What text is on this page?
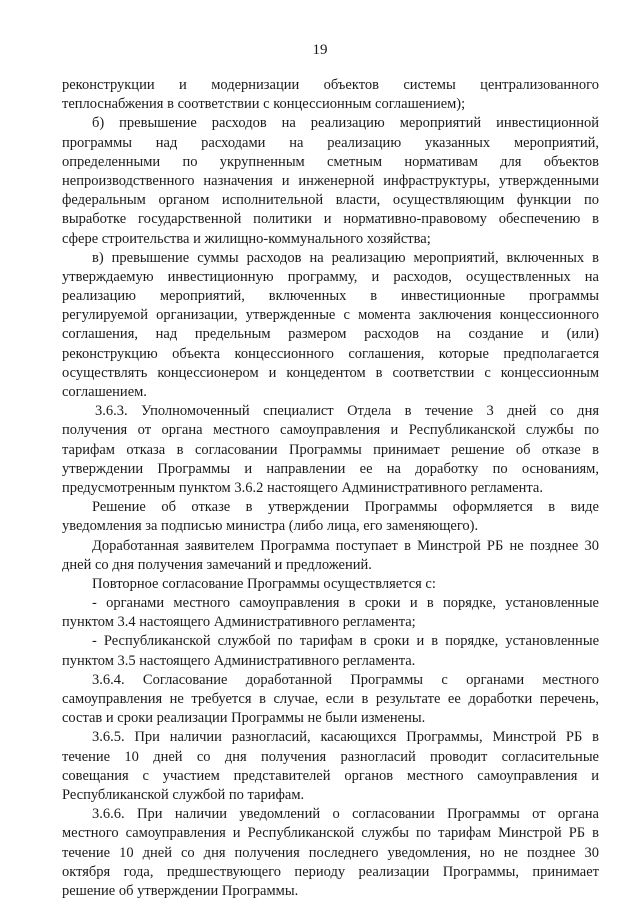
19
реконструкции и модернизации объектов системы централизованного
теплоснабжения в соответствии с концессионным соглашением);
б) превышение расходов на реализацию мероприятий инвестиционной
программы над расходами на реализацию указанных мероприятий,
определенными по укрупненным сметным нормативам для объектов
непроизводственного назначения и инженерной инфраструктуры, утвержденными
федеральным органом исполнительной власти, осуществляющим функции по
выработке государственной политики и нормативно-правовому обеспечению в
сфере строительства и жилищно-коммунального хозяйства;
в) превышение суммы расходов на реализацию мероприятий, включенных в
утверждаемую инвестиционную программу, и расходов, осуществленных на
реализацию мероприятий, включенных в инвестиционные программы
регулируемой организации, утвержденные с момента заключения концессионного
соглашения, над предельным размером расходов на создание и (или)
реконструкцию объекта концессионного соглашения, которые предполагается
осуществлять концессионером и концедентом в соответствии с концессионным
соглашением.
3.6.3. Уполномоченный специалист Отдела в течение 3 дней со дня
получения от органа местного самоуправления и Республиканской службы по
тарифам отказа в согласовании Программы принимает решение об отказе в
утверждении Программы и направлении ее на доработку по основаниям,
предусмотренным пунктом 3.6.2 настоящего Административного регламента.
Решение об отказе в утверждении Программы оформляется в виде
уведомления за подписью министра (либо лица, его заменяющего).
Доработанная заявителем Программа поступает в Минстрой РБ не позднее 30
дней со дня получения замечаний и предложений.
Повторное согласование Программы осуществляется с:
- органами местного самоуправления в сроки и в порядке, установленные
пунктом 3.4 настоящего Административного регламента;
- Республиканской службой по тарифам в сроки и в порядке, установленные
пунктом 3.5 настоящего Административного регламента.
3.6.4. Согласование доработанной Программы с органами местного
самоуправления не требуется в случае, если в результате ее доработки перечень,
состав и сроки реализации Программы не были изменены.
3.6.5. При наличии разногласий, касающихся Программы, Минстрой РБ в
течение 10 дней со дня получения разногласий проводит согласительные
совещания с участием представителей органов местного самоуправления и
Республиканской службой по тарифам.
3.6.6. При наличии уведомлений о согласовании Программы от органа
местного самоуправления и Республиканской службы по тарифам Минстрой РБ в
течение 10 дней со дня получения последнего уведомления, но не позднее 30
октября года, предшествующего периоду реализации Программы, принимает
решение об утверждении Программы.
